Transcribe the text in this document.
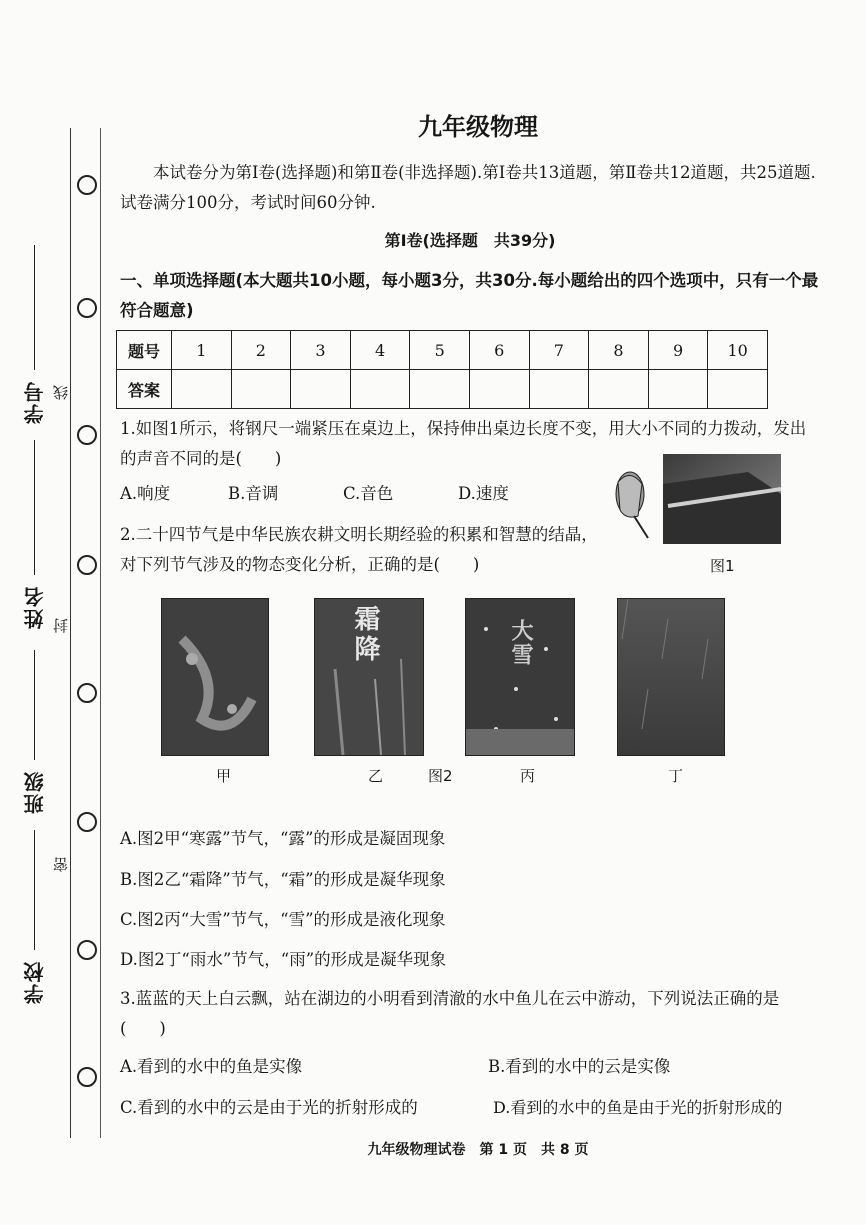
学号
姓名
班级
学校
线
封
密
九年级物理
本试卷分为第Ⅰ卷(选择题)和第Ⅱ卷(非选择题).第Ⅰ卷共13道题，第Ⅱ卷共12道题，共25道题.试卷满分100分，考试时间60分钟.
第Ⅰ卷(选择题　共39分)
一、单项选择题(本大题共10小题，每小题3分，共30分.每小题给出的四个选项中，只有一个最符合题意)
题号	1	2	3	4	5	6	7	8	9	10
答案										
1.如图1所示，将钢尺一端紧压在桌边上，保持伸出桌边长度不变，用大小不同的力拨动，发出的声音不同的是(　　)
A.响度	B.音调	C.音色	D.速度
图1
2.二十四节气是中华民族农耕文明长期经验的积累和智慧的结晶，对下列节气涉及的物态变化分析，正确的是(　　)
霜降	大雪
甲	乙	图2	丙	丁
A.图2甲“寒露”节气，“露”的形成是凝固现象
B.图2乙“霜降”节气，“霜”的形成是凝华现象
C.图2丙“大雪”节气，“雪”的形成是液化现象
D.图2丁“雨水”节气，“雨”的形成是凝华现象
3.蓝蓝的天上白云飘，站在湖边的小明看到清澈的水中鱼儿在云中游动，下列说法正确的是(　　)
A.看到的水中的鱼是实像	B.看到的水中的云是实像
C.看到的水中的云是由于光的折射形成的	D.看到的水中的鱼是由于光的折射形成的
九年级物理试卷　第 1 页　共 8 页
